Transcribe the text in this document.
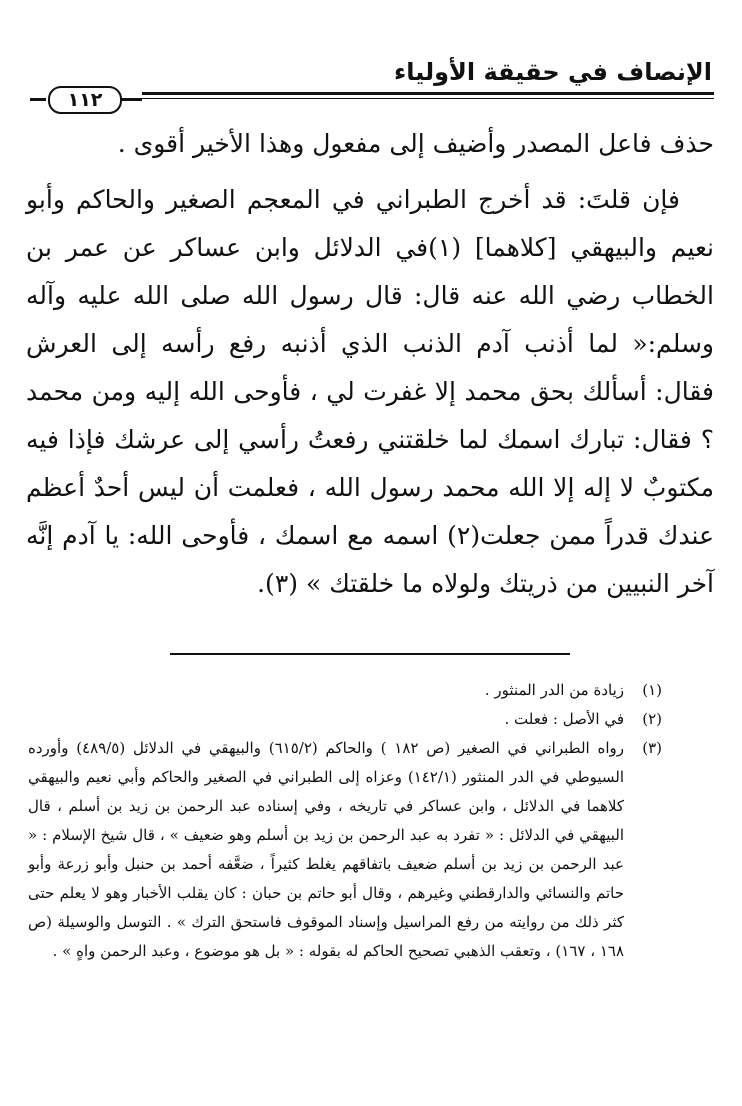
الإنصاف في حقيقة الأولياء
١١٢

حذف فاعل المصدر وأضيف إلى مفعول وهذا الأخير أقوى .

فإن قلتَ: قد أخرج الطبراني في المعجم الصغير والحاكم وأبو نعيم والبيهقي [كلاهما] (١)في الدلائل وابن عساكر عن عمر بن الخطاب رضي الله عنه قال: قال رسول الله صلى الله عليه وآله وسلم:« لما أذنب آدم الذنب الذي أذنبه رفع رأسه إلى العرش فقال: أسألك بحق محمد إلا غفرت لي ، فأوحى الله إليه ومن محمد ؟ فقال: تبارك اسمك لما خلقتني رفعتُ رأسي إلى عرشك فإذا فيه مكتوبٌ لا إله إلا الله محمد رسول الله ، فعلمت أن ليس أحدٌ أعظم عندك قدراً ممن جعلت(٢) اسمه مع اسمك ، فأوحى الله: يا آدم إنَّه آخر النبيين من ذريتك ولولاه ما خلقتك » (٣).

(١)
زيادة من الدر المنثور .
(٢)
في الأصل : فعلت .
(٣)
رواه الطبراني في الصغير (ص ١٨٢ ) والحاكم (٦١٥/٢) والبيهقي في الدلائل (٤٨٩/٥) وأورده السيوطي في الدر المنثور (١٤٢/١) وعزاه إلى الطبراني في الصغير والحاكم وأبي نعيم والبيهقي كلاهما في الدلائل ، وابن عساكر في تاريخه ، وفي إسناده عبد الرحمن بن زيد بن أسلم ، قال البيهقي في الدلائل : « تفرد به عبد الرحمن بن زيد بن أسلم وهو ضعيف » ، قال شيخ الإسلام : « عبد الرحمن بن زيد بن أسلم ضعيف باتفاقهم يغلط كثيراً ، ضعَّفه أحمد بن حنبل وأبو زرعة وأبو حاتم والنسائي والدارقطني وغيرهم ، وقال أبو حاتم بن حبان : كان يقلب الأخبار وهو لا يعلم حتى كثر ذلك من روايته من رفع المراسيل وإسناد الموقوف فاستحق الترك » . التوسل والوسيلة (ص ١٦٨ ، ١٦٧) ، وتعقب الذهبي تصحيح الحاكم له بقوله : « بل هو موضوع ، وعبد الرحمن واهٍ » .
